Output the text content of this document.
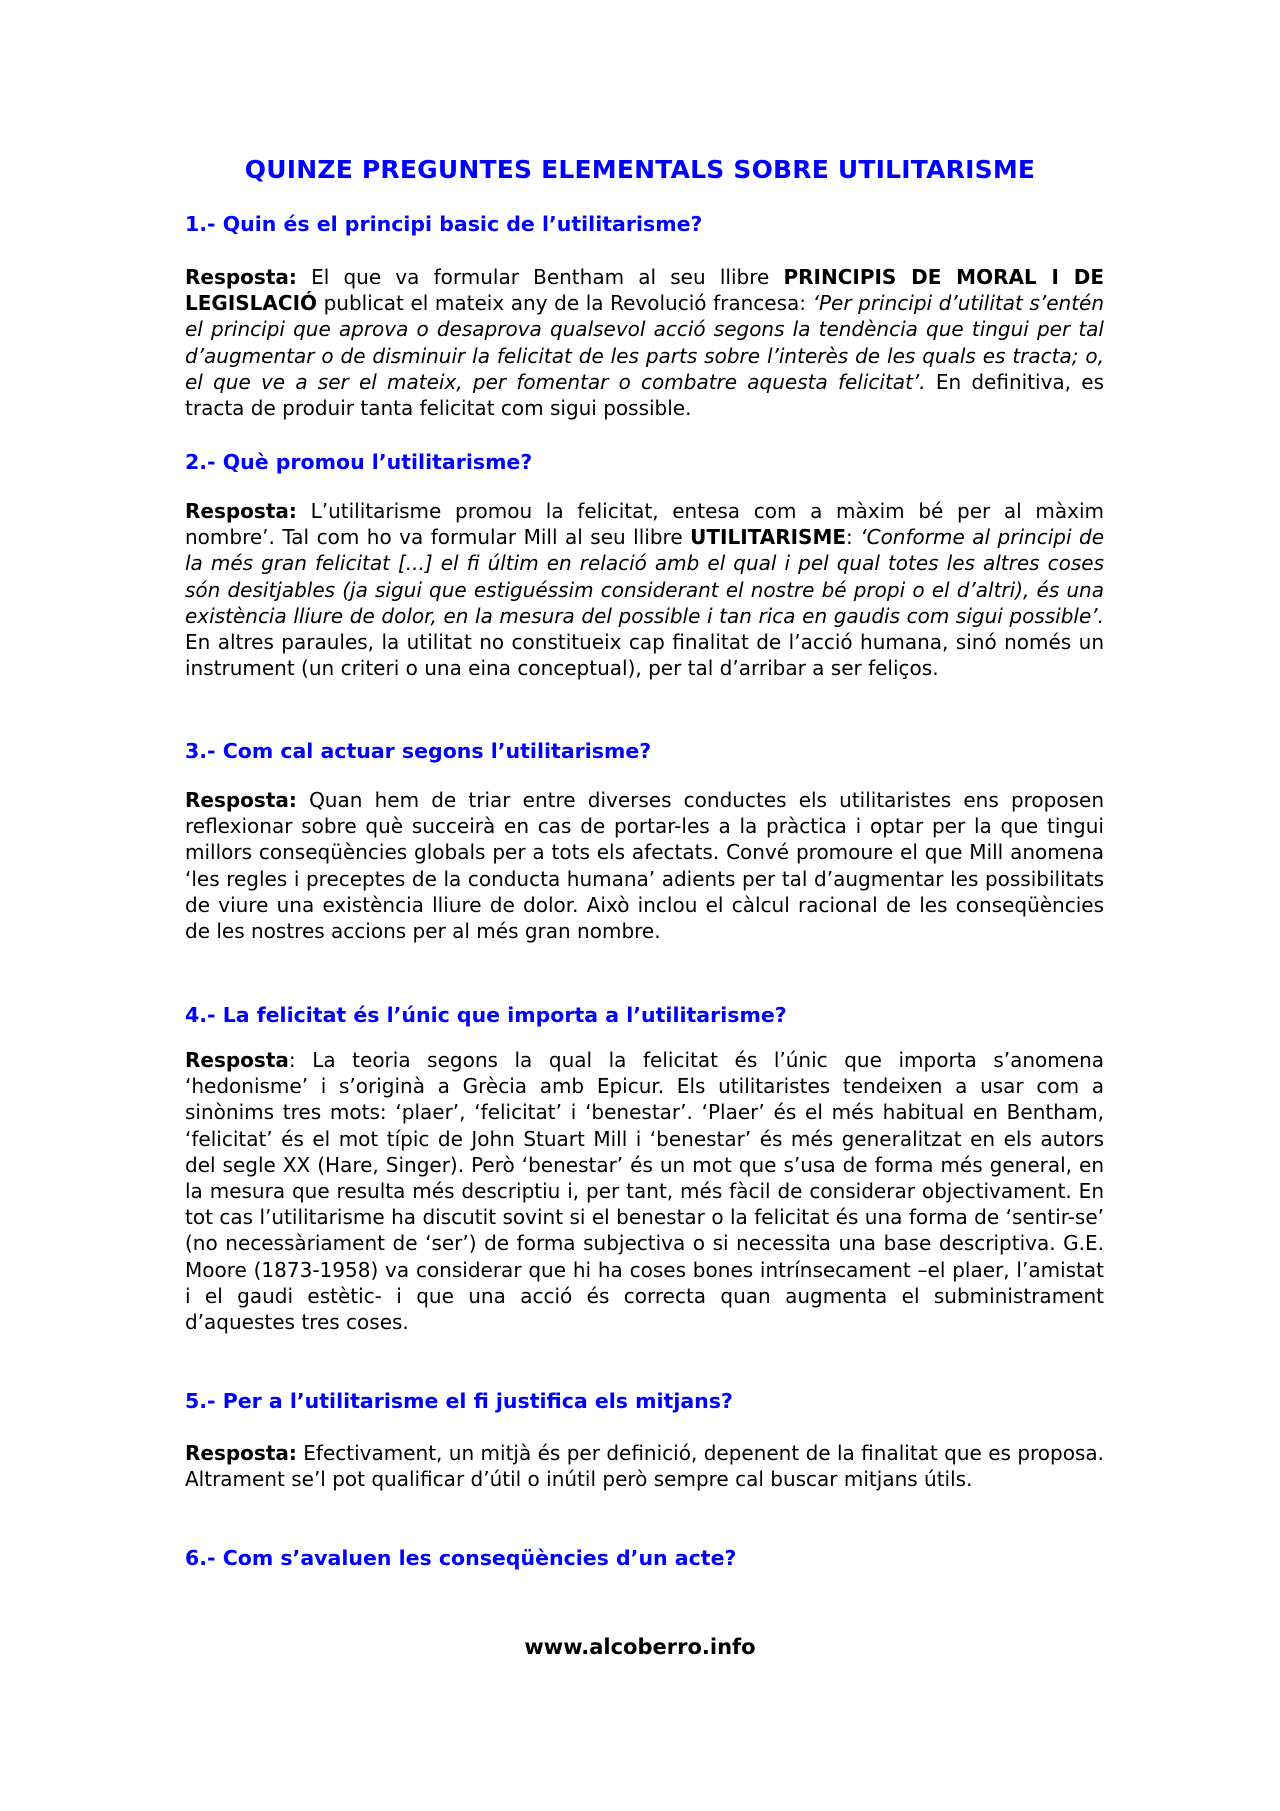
QUINZE PREGUNTES ELEMENTALS SOBRE UTILITARISME
1.- Quin és el principi basic de l’utilitarisme?
Resposta: El que va formular Bentham al seu llibre PRINCIPIS DE MORAL I DE LEGISLACIÓ publicat el mateix any de la Revolució francesa: ‘Per principi d’utilitat s’entén el principi que aprova o desaprova qualsevol acció segons la tendència que tingui per tal d’augmentar o de disminuir la felicitat de les parts sobre l’interès de les quals es tracta; o, el que ve a ser el mateix, per fomentar o combatre aquesta felicitat’. En definitiva, es tracta de produir tanta felicitat com sigui possible.
2.- Què promou l’utilitarisme?
Resposta: L’utilitarisme promou la felicitat, entesa com a màxim bé per al màxim nombre’. Tal com ho va formular Mill al seu llibre UTILITARISME: ‘Conforme al principi de la més gran felicitat [...] el fi últim en relació amb el qual i pel qual totes les altres coses són desitjables (ja sigui que estiguéssim considerant el nostre bé propi o el d’altri), és una existència lliure de dolor, en la mesura del possible i tan rica en gaudis com sigui possible’. En altres paraules, la utilitat no constitueix cap finalitat de l’acció humana, sinó només un instrument (un criteri o una eina conceptual), per tal d’arribar a ser feliços.
3.- Com cal actuar segons l’utilitarisme?
Resposta: Quan hem de triar entre diverses conductes els utilitaristes ens proposen reflexionar sobre què succeirà en cas de portar-les a la pràctica i optar per la que tingui millors conseqüències globals per a tots els afectats. Convé promoure el que Mill anomena ‘les regles i preceptes de la conducta humana’ adients per tal d’augmentar les possibilitats de viure una existència lliure de dolor. Això inclou el càlcul racional de les conseqüències de les nostres accions per al més gran nombre.
4.- La felicitat és l’únic que importa a l’utilitarisme?
Resposta: La teoria segons la qual la felicitat és l’únic que importa s’anomena ‘hedonisme’ i s’originà a Grècia amb Epicur. Els utilitaristes tendeixen a usar com a sinònims tres mots: ‘plaer’, ‘felicitat’ i ‘benestar’. ‘Plaer’ és el més habitual en Bentham, ‘felicitat’ és el mot típic de John Stuart Mill i ‘benestar’ és més generalitzat en els autors del segle XX (Hare, Singer). Però ‘benestar’ és un mot que s’usa de forma més general, en la mesura que resulta més descriptiu i, per tant, més fàcil de considerar objectivament. En tot cas l’utilitarisme ha discutit sovint si el benestar o la felicitat és una forma de ‘sentir-se’ (no necessàriament de ‘ser’) de forma subjectiva o si necessita una base descriptiva. G.E. Moore (1873-1958) va considerar que hi ha coses bones intrínsecament –el plaer, l’amistat i el gaudi estètic- i que una acció és correcta quan augmenta el subministrament d’aquestes tres coses.
5.- Per a l’utilitarisme el fi justifica els mitjans?
Resposta: Efectivament, un mitjà és per definició, depenent de la finalitat que es proposa. Altrament se’l pot qualificar d’útil o inútil però sempre cal buscar mitjans útils.
6.- Com s’avaluen les conseqüències d’un acte?
www.alcoberro.info
